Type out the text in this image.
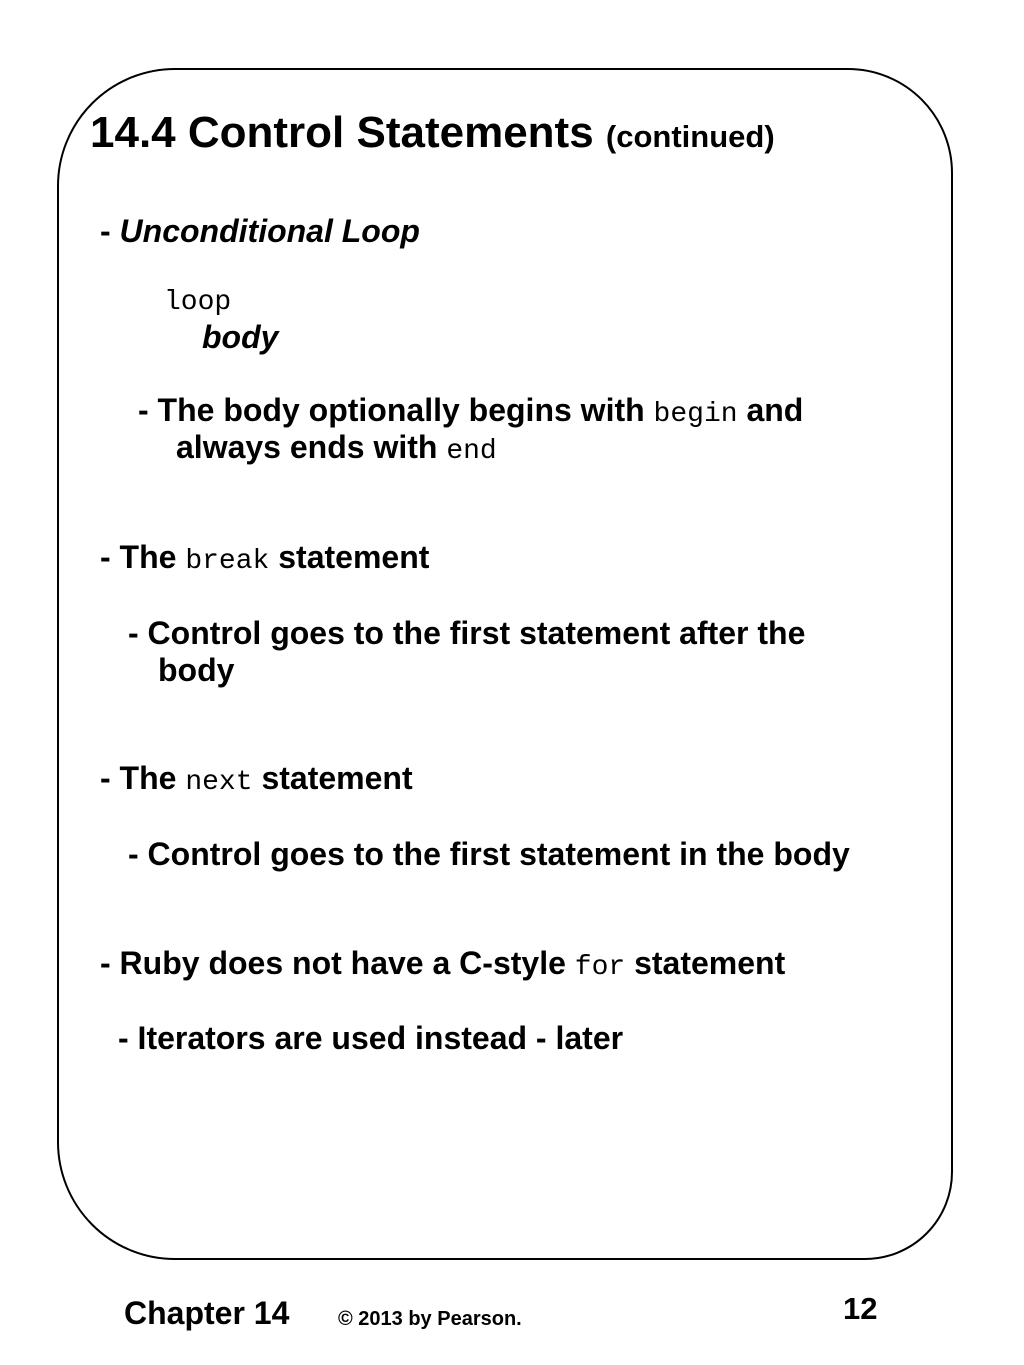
14.4 Control Statements (continued)
- Unconditional Loop
loop
body
- The body optionally begins with begin and
always ends with end
- The break statement
- Control goes to the first statement after the
body
- The next statement
- Control goes to the first statement in the body
- Ruby does not have a C-style for statement
- Iterators are used instead - later
Chapter 14 © 2013 by Pearson.	12
